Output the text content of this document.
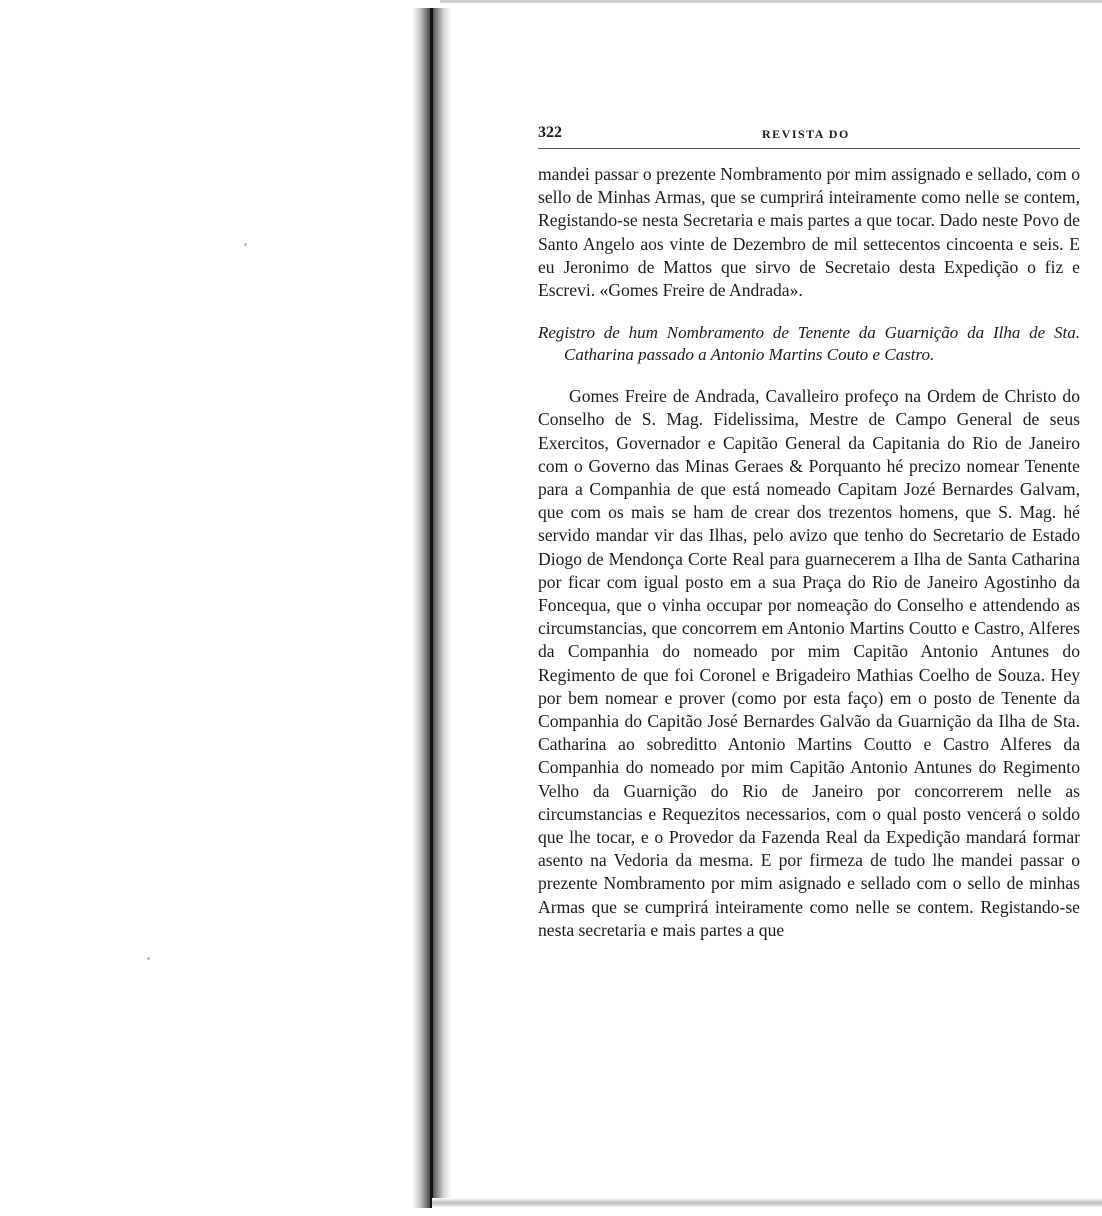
322	REVISTA DO

mandei passar o prezente Nombramento por mim assignado e sellado, com o sello de Minhas Armas, que se cumprirá inteiramente como nelle se contem, Registando-se nesta Secretaria e mais partes a que tocar. Dado neste Povo de Santo Angelo aos vinte de Dezembro de mil settecentos cincoenta e seis. E eu Jeronimo de Mattos que sirvo de Secretaio desta Expedição o fiz e Escrevi. «Gomes Freire de Andrada».

Registro de hum Nombramento de Tenente da Guarnição da Ilha de Sta. Catharina passado a Antonio Martins Couto e Castro.

Gomes Freire de Andrada, Cavalleiro profeço na Ordem de Christo do Conselho de S. Mag. Fidelissima, Mestre de Campo General de seus Exercitos, Governador e Capitão General da Capitania do Rio de Janeiro com o Governo das Minas Geraes & Porquanto hé precizo nomear Tenente para a Companhia de que está nomeado Capitam Jozé Bernardes Galvam, que com os mais se ham de crear dos trezentos homens, que S. Mag. hé servido mandar vir das Ilhas, pelo avizo que tenho do Secretario de Estado Diogo de Mendonça Corte Real para guarnecerem a Ilha de Santa Catharina por ficar com igual posto em a sua Praça do Rio de Janeiro Agostinho da Foncequa, que o vinha occupar por nomeação do Conselho e attendendo as circumstancias, que concorrem em Antonio Martins Coutto e Castro, Alferes da Companhia do nomeado por mim Capitão Antonio Antunes do Regimento de que foi Coronel e Brigadeiro Mathias Coelho de Souza. Hey por bem nomear e prover (como por esta faço) em o posto de Tenente da Companhia do Capitão José Bernardes Galvão da Guarnição da Ilha de Sta. Catharina ao sobreditto Antonio Martins Coutto e Castro Alferes da Companhia do nomeado por mim Capitão Antonio Antunes do Regimento Velho da Guarnição do Rio de Janeiro por concorrerem nelle as circumstancias e Requezitos necessarios, com o qual posto vencerá o soldo que lhe tocar, e o Provedor da Fazenda Real da Expedição mandará formar asento na Vedoria da mesma. E por firmeza de tudo lhe mandei passar o prezente Nombramento por mim asignado e sellado com o sello de minhas Armas que se cumprirá inteiramente como nelle se contem. Registando-se nesta secretaria e mais partes a que
